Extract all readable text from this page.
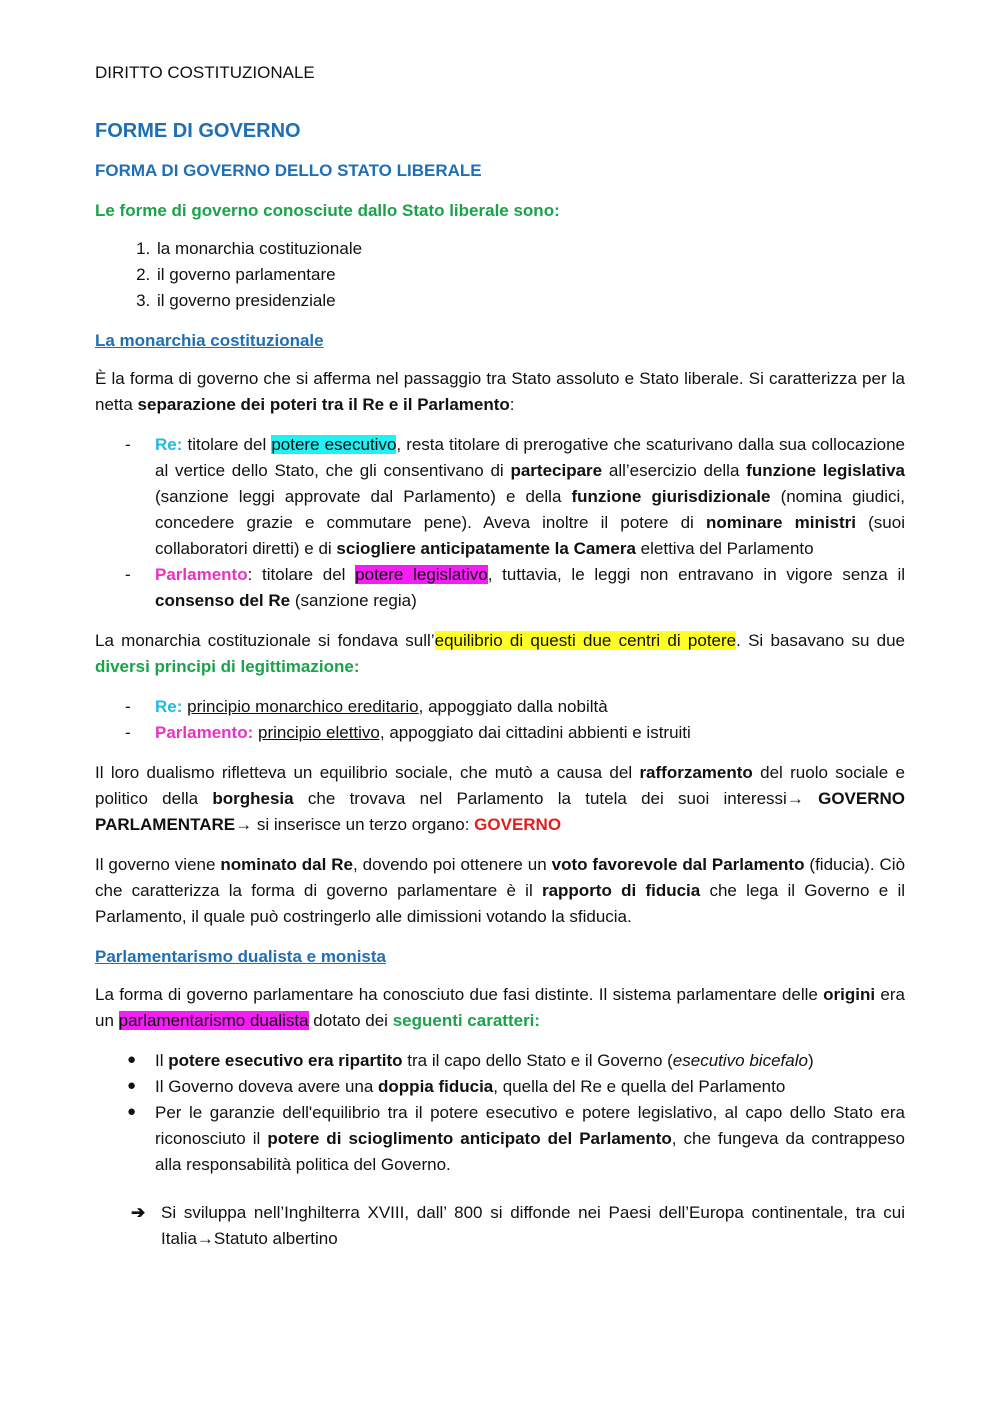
DIRITTO COSTITUZIONALE
FORME DI GOVERNO
FORMA DI GOVERNO DELLO STATO LIBERALE

Le forme di governo conosciute dallo Stato liberale sono:

1. la monarchia costituzionale
2. il governo parlamentare
3. il governo presidenziale
La monarchia costituzionale

È la forma di governo che si afferma nel passaggio tra Stato assoluto e Stato liberale. Si caratterizza per la netta separazione dei poteri tra il Re e il Parlamento:

- Re: titolare del potere esecutivo, resta titolare di prerogative che scaturivano dalla sua collocazione al vertice dello Stato, che gli consentivano di partecipare all’esercizio della funzione legislativa (sanzione leggi approvate dal Parlamento) e della funzione giurisdizionale (nomina giudici, concedere grazie e commutare pene). Aveva inoltre il potere di nominare ministri (suoi collaboratori diretti) e di sciogliere anticipatamente la Camera elettiva del Parlamento
- Parlamento: titolare del potere legislativo, tuttavia, le leggi non entravano in vigore senza il consenso del Re (sanzione regia)

La monarchia costituzionale si fondava sull’equilibrio di questi due centri di potere. Si basavano su due diversi principi di legittimazione:

- Re: principio monarchico ereditario, appoggiato dalla nobiltà
- Parlamento: principio elettivo, appoggiato dai cittadini abbienti e istruiti

Il loro dualismo rifletteva un equilibrio sociale, che mutò a causa del rafforzamento del ruolo sociale e politico della borghesia che trovava nel Parlamento la tutela dei suoi interessi→ GOVERNO PARLAMENTARE→ si inserisce un terzo organo: GOVERNO

Il governo viene nominato dal Re, dovendo poi ottenere un voto favorevole dal Parlamento (fiducia). Ciò che caratterizza la forma di governo parlamentare è il rapporto di fiducia che lega il Governo e il Parlamento, il quale può costringerlo alle dimissioni votando la sfiducia.

Parlamentarismo dualista e monista

La forma di governo parlamentare ha conosciuto due fasi distinte. Il sistema parlamentare delle origini era un parlamentarismo dualista dotato dei seguenti caratteri:

● Il potere esecutivo era ripartito tra il capo dello Stato e il Governo (esecutivo bicefalo)
● Il Governo doveva avere una doppia fiducia, quella del Re e quella del Parlamento
● Per le garanzie dell'equilibrio tra il potere esecutivo e potere legislativo, al capo dello Stato era riconosciuto il potere di scioglimento anticipato del Parlamento, che fungeva da contrappeso alla responsabilità politica del Governo.

➔ Si sviluppa nell’Inghilterra XVIII, dall’ 800 si diffonde nei Paesi dell’Europa continentale, tra cui Italia→Statuto albertino
